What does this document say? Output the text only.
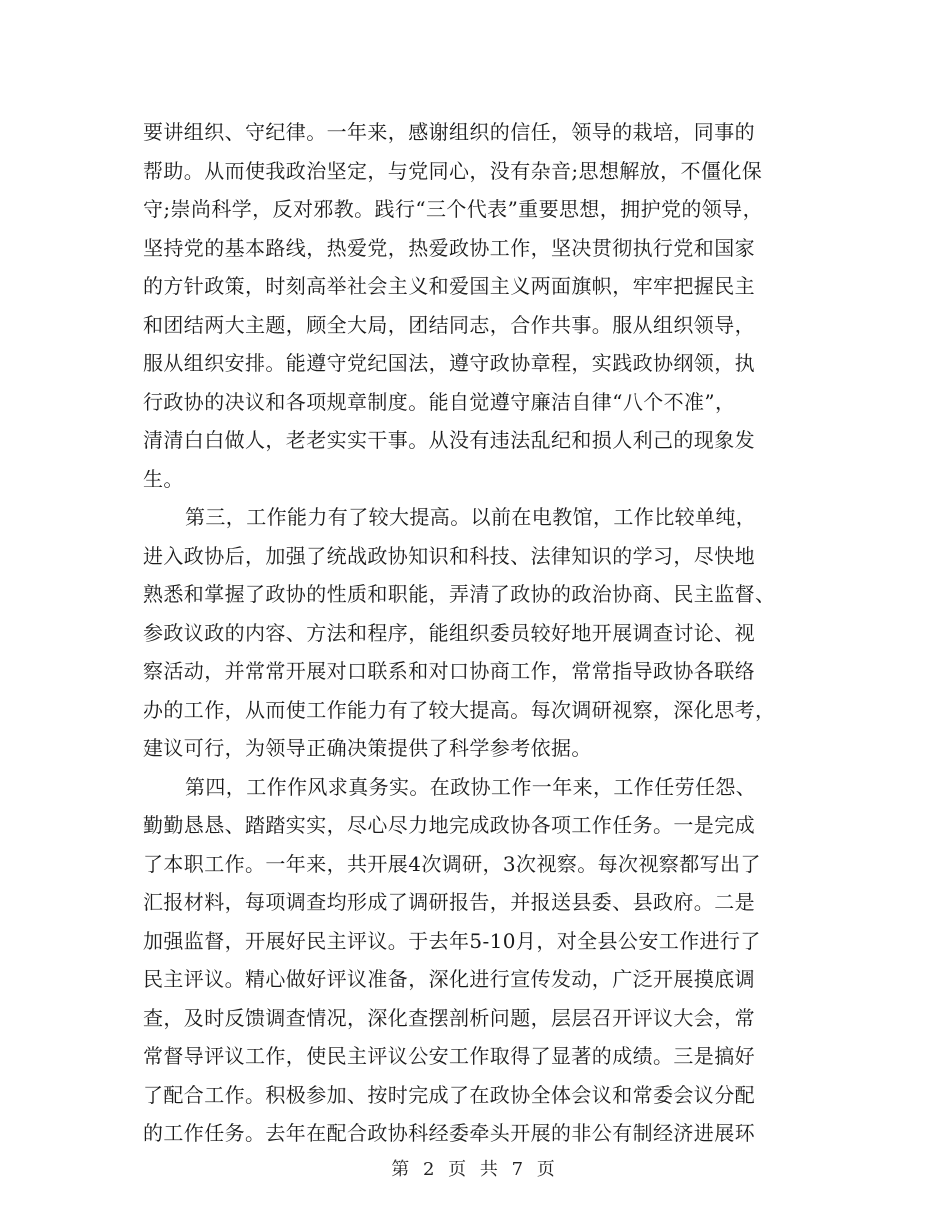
要讲组织、守纪律。一年来，感谢组织的信任，领导的栽培，同事的
帮助。从而使我政治坚定，与党同心，没有杂音;思想解放，不僵化保
守;崇尚科学，反对邪教。践行“三个代表”重要思想，拥护党的领导，
坚持党的基本路线，热爱党，热爱政协工作，坚决贯彻执行党和国家
的方针政策，时刻高举社会主义和爱国主义两面旗帜，牢牢把握民主
和团结两大主题，顾全大局，团结同志，合作共事。服从组织领导，
服从组织安排。能遵守党纪国法，遵守政协章程，实践政协纲领，执
行政协的决议和各项规章制度。能自觉遵守廉洁自律“八个不准”，
清清白白做人，老老实实干事。从没有违法乱纪和损人利己的现象发
生。
第三，工作能力有了较大提高。以前在电教馆，工作比较单纯，
进入政协后，加强了统战政协知识和科技、法律知识的学习，尽快地
熟悉和掌握了政协的性质和职能，弄清了政协的政治协商、民主监督、
参政议政的内容、方法和程序，能组织委员较好地开展调查讨论、视
察活动，并常常开展对口联系和对口协商工作，常常指导政协各联络
办的工作，从而使工作能力有了较大提高。每次调研视察，深化思考，
建议可行，为领导正确决策提供了科学参考依据。
第四，工作作风求真务实。在政协工作一年来，工作任劳任怨、
勤勤恳恳、踏踏实实，尽心尽力地完成政协各项工作任务。一是完成
了本职工作。一年来，共开展4次调研，3次视察。每次视察都写出了
汇报材料，每项调查均形成了调研报告，并报送县委、县政府。二是
加强监督，开展好民主评议。于去年5-10月，对全县公安工作进行了
民主评议。精心做好评议准备，深化进行宣传发动，广泛开展摸底调
查，及时反馈调查情况，深化查摆剖析问题，层层召开评议大会，常
常督导评议工作，使民主评议公安工作取得了显著的成绩。三是搞好
了配合工作。积极参加、按时完成了在政协全体会议和常委会议分配
的工作任务。去年在配合政协科经委牵头开展的非公有制经济进展环
第 2 页 共 7 页
